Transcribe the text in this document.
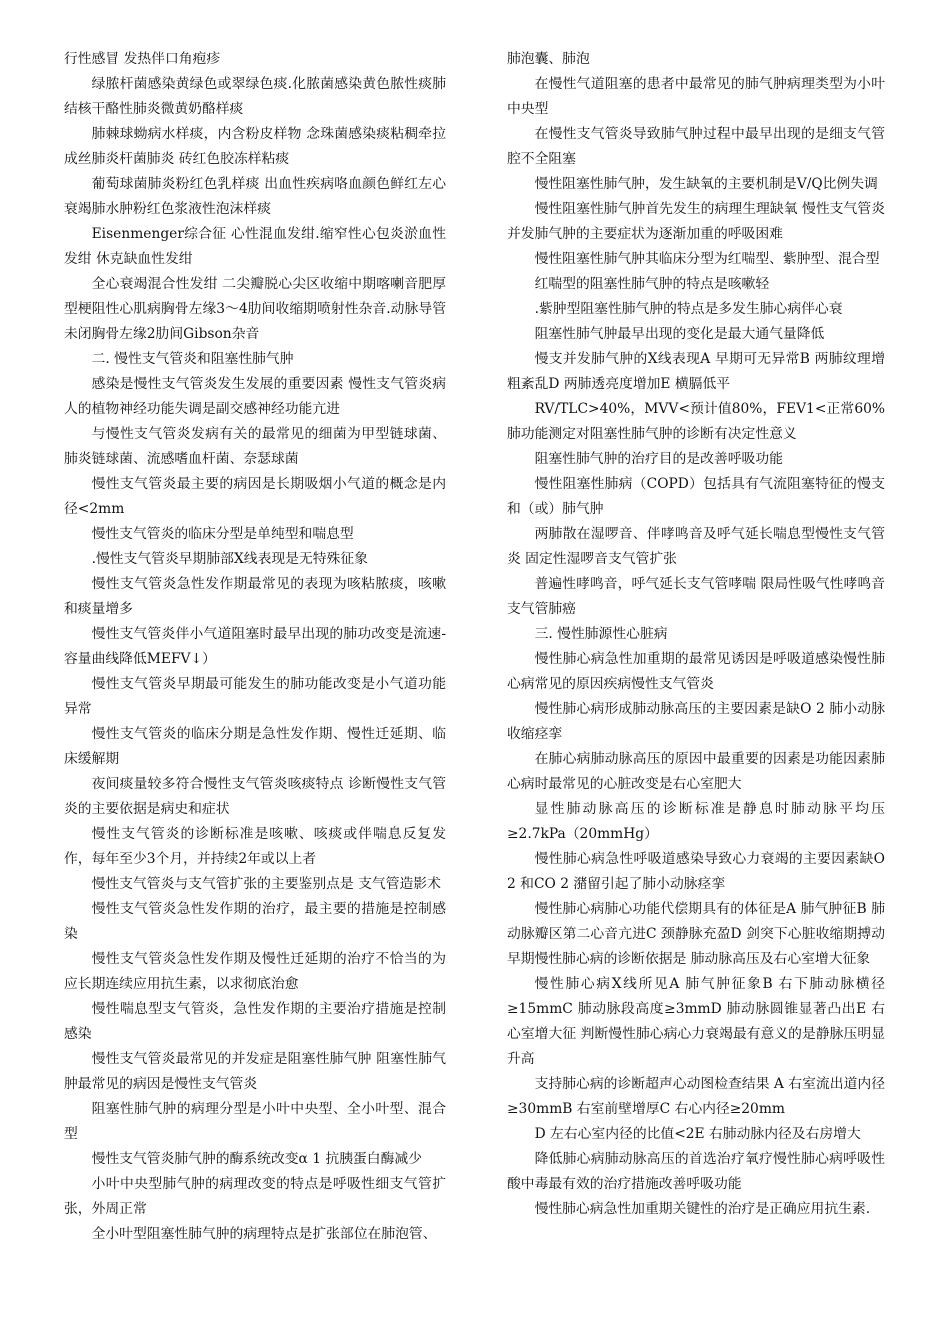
行性感冒 发热伴口角疱疹

绿脓杆菌感染黄绿色或翠绿色痰.化脓菌感染黄色脓性痰肺结核干酪性肺炎微黄奶酪样痰

肺棘球蚴病水样痰，内含粉皮样物 念珠菌感染痰粘稠牵拉成丝肺炎杆菌肺炎 砖红色胶冻样粘痰

葡萄球菌肺炎粉红色乳样痰 出血性疾病咯血颜色鲜红左心衰竭肺水肿粉红色浆液性泡沫样痰

Eisenmenger综合征 心性混血发绀.缩窄性心包炎淤血性发绀 休克缺血性发绀

全心衰竭混合性发绀 二尖瓣脱心尖区收缩中期喀喇音肥厚型梗阻性心肌病胸骨左缘3～4肋间收缩期喷射性杂音.动脉导管未闭胸骨左缘2肋间Gibson杂音

二. 慢性支气管炎和阻塞性肺气肿

感染是慢性支气管炎发生发展的重要因素 慢性支气管炎病人的植物神经功能失调是副交感神经功能亢进

与慢性支气管炎发病有关的最常见的细菌为甲型链球菌、肺炎链球菌、流感嗜血杆菌、奈瑟球菌

慢性支气管炎最主要的病因是长期吸烟小气道的概念是内径<2mm

慢性支气管炎的临床分型是单纯型和喘息型

.慢性支气管炎早期肺部X线表现是无特殊征象

慢性支气管炎急性发作期最常见的表现为咳粘脓痰，咳嗽和痰量增多

慢性支气管炎伴小气道阻塞时最早出现的肺功改变是流速-容量曲线降低MEFV↓）

慢性支气管炎早期最可能发生的肺功能改变是小气道功能异常

慢性支气管炎的临床分期是急性发作期、慢性迁延期、临床缓解期

夜间痰量较多符合慢性支气管炎咳痰特点 诊断慢性支气管炎的主要依据是病史和症状

慢性支气管炎的诊断标准是咳嗽、咳痰或伴喘息反复发作，每年至少3个月，并持续2年或以上者

慢性支气管炎与支气管扩张的主要鉴别点是 支气管造影术

慢性支气管炎急性发作期的治疗，最主要的措施是控制感染

慢性支气管炎急性发作期及慢性迁延期的治疗不恰当的为应长期连续应用抗生素，以求彻底治愈

慢性喘息型支气管炎，急性发作期的主要治疗措施是控制感染

慢性支气管炎最常见的并发症是阻塞性肺气肿 阻塞性肺气肿最常见的病因是慢性支气管炎

阻塞性肺气肿的病理分型是小叶中央型、全小叶型、混合型

慢性支气管炎肺气肿的酶系统改变α 1 抗胰蛋白酶减少

小叶中央型肺气肿的病理改变的特点是呼吸性细支气管扩张，外周正常

全小叶型阻塞性肺气肿的病理特点是扩张部位在肺泡管、

肺泡囊、肺泡

在慢性气道阻塞的患者中最常见的肺气肿病理类型为小叶中央型

在慢性支气管炎导致肺气肿过程中最早出现的是细支气管腔不全阻塞

慢性阻塞性肺气肿，发生缺氧的主要机制是V/Q比例失调

慢性阻塞性肺气肿首先发生的病理生理缺氧 慢性支气管炎并发肺气肿的主要症状为逐渐加重的呼吸困难

慢性阻塞性肺气肿其临床分型为红喘型、紫肿型、混合型

红喘型的阻塞性肺气肿的特点是咳嗽轻

.紫肿型阻塞性肺气肿的特点是多发生肺心病伴心衰

阻塞性肺气肿最早出现的变化是最大通气量降低

慢支并发肺气肿的X线表现A 早期可无异常B 两肺纹理增粗紊乱D 两肺透亮度增加E 横膈低平

RV/TLC>40%，MVV<预计值80%，FEV1<正常60%肺功能测定对阻塞性肺气肿的诊断有决定性意义

阻塞性肺气肿的治疗目的是改善呼吸功能

慢性阻塞性肺病（COPD）包括具有气流阻塞特征的慢支和（或）肺气肿

两肺散在湿啰音、伴哮鸣音及呼气延长喘息型慢性支气管炎 固定性湿啰音支气管扩张

普遍性哮鸣音，呼气延长支气管哮喘 限局性吸气性哮鸣音支气管肺癌

三. 慢性肺源性心脏病

慢性肺心病急性加重期的最常见诱因是呼吸道感染慢性肺心病常见的原因疾病慢性支气管炎

慢性肺心病形成肺动脉高压的主要因素是缺O 2 肺小动脉收缩痉挛

在肺心病肺动脉高压的原因中最重要的因素是功能因素肺心病时最常见的心脏改变是右心室肥大

显性肺动脉高压的诊断标准是静息时肺动脉平均压≥2.7kPa（20mmHg）

慢性肺心病急性呼吸道感染导致心力衰竭的主要因素缺O 2 和CO 2 潴留引起了肺小动脉痉挛

慢性肺心病肺心功能代偿期具有的体征是A 肺气肿征B 肺动脉瓣区第二心音亢进C 颈静脉充盈D 剑突下心脏收缩期搏动 早期慢性肺心病的诊断依据是 肺动脉高压及右心室增大征象

慢性肺心病X线所见A 肺气肿征象B 右下肺动脉横径≥15mmC 肺动脉段高度≥3mmD 肺动脉圆锥显著凸出E 右心室增大征 判断慢性肺心病心力衰竭最有意义的是静脉压明显升高

支持肺心病的诊断超声心动图检查结果 A 右室流出道内径≥30mmB 右室前壁增厚C 右心内径≥20mm

D 左右心室内径的比值<2E 右肺动脉内径及右房增大

降低肺心病肺动脉高压的首选治疗氧疗慢性肺心病呼吸性酸中毒最有效的治疗措施改善呼吸功能

慢性肺心病急性加重期关键性的治疗是正确应用抗生素.
